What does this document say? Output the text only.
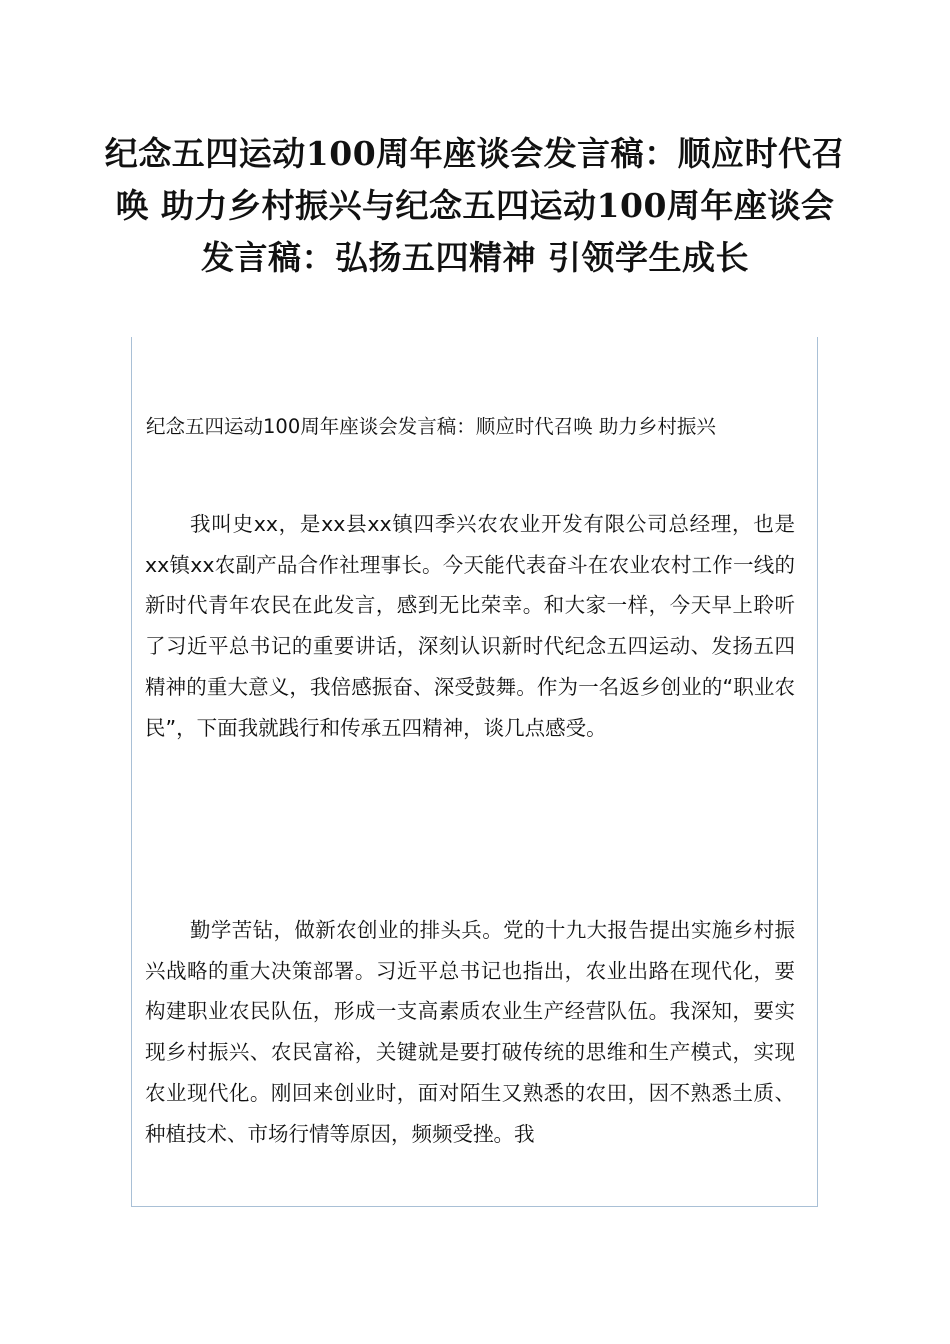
纪念五四运动100周年座谈会发言稿：顺应时代召唤 助力乡村振兴与纪念五四运动100周年座谈会发言稿：弘扬五四精神 引领学生成长
纪念五四运动100周年座谈会发言稿：顺应时代召唤 助力乡村振兴

我叫史xx，是xx县xx镇四季兴农农业开发有限公司总经理，也是xx镇xx农副产品合作社理事长。今天能代表奋斗在农业农村工作一线的新时代青年农民在此发言，感到无比荣幸。和大家一样，今天早上聆听了习近平总书记的重要讲话，深刻认识新时代纪念五四运动、发扬五四精神的重大意义，我倍感振奋、深受鼓舞。作为一名返乡创业的“职业农民”，下面我就践行和传承五四精神，谈几点感受。

勤学苦钻，做新农创业的排头兵。党的十九大报告提出实施乡村振兴战略的重大决策部署。习近平总书记也指出，农业出路在现代化，要构建职业农民队伍，形成一支高素质农业生产经营队伍。我深知，要实现乡村振兴、农民富裕，关键就是要打破传统的思维和生产模式，实现农业现代化。刚回来创业时，面对陌生又熟悉的农田，因不熟悉土质、种植技术、市场行情等原因，频频受挫。我
